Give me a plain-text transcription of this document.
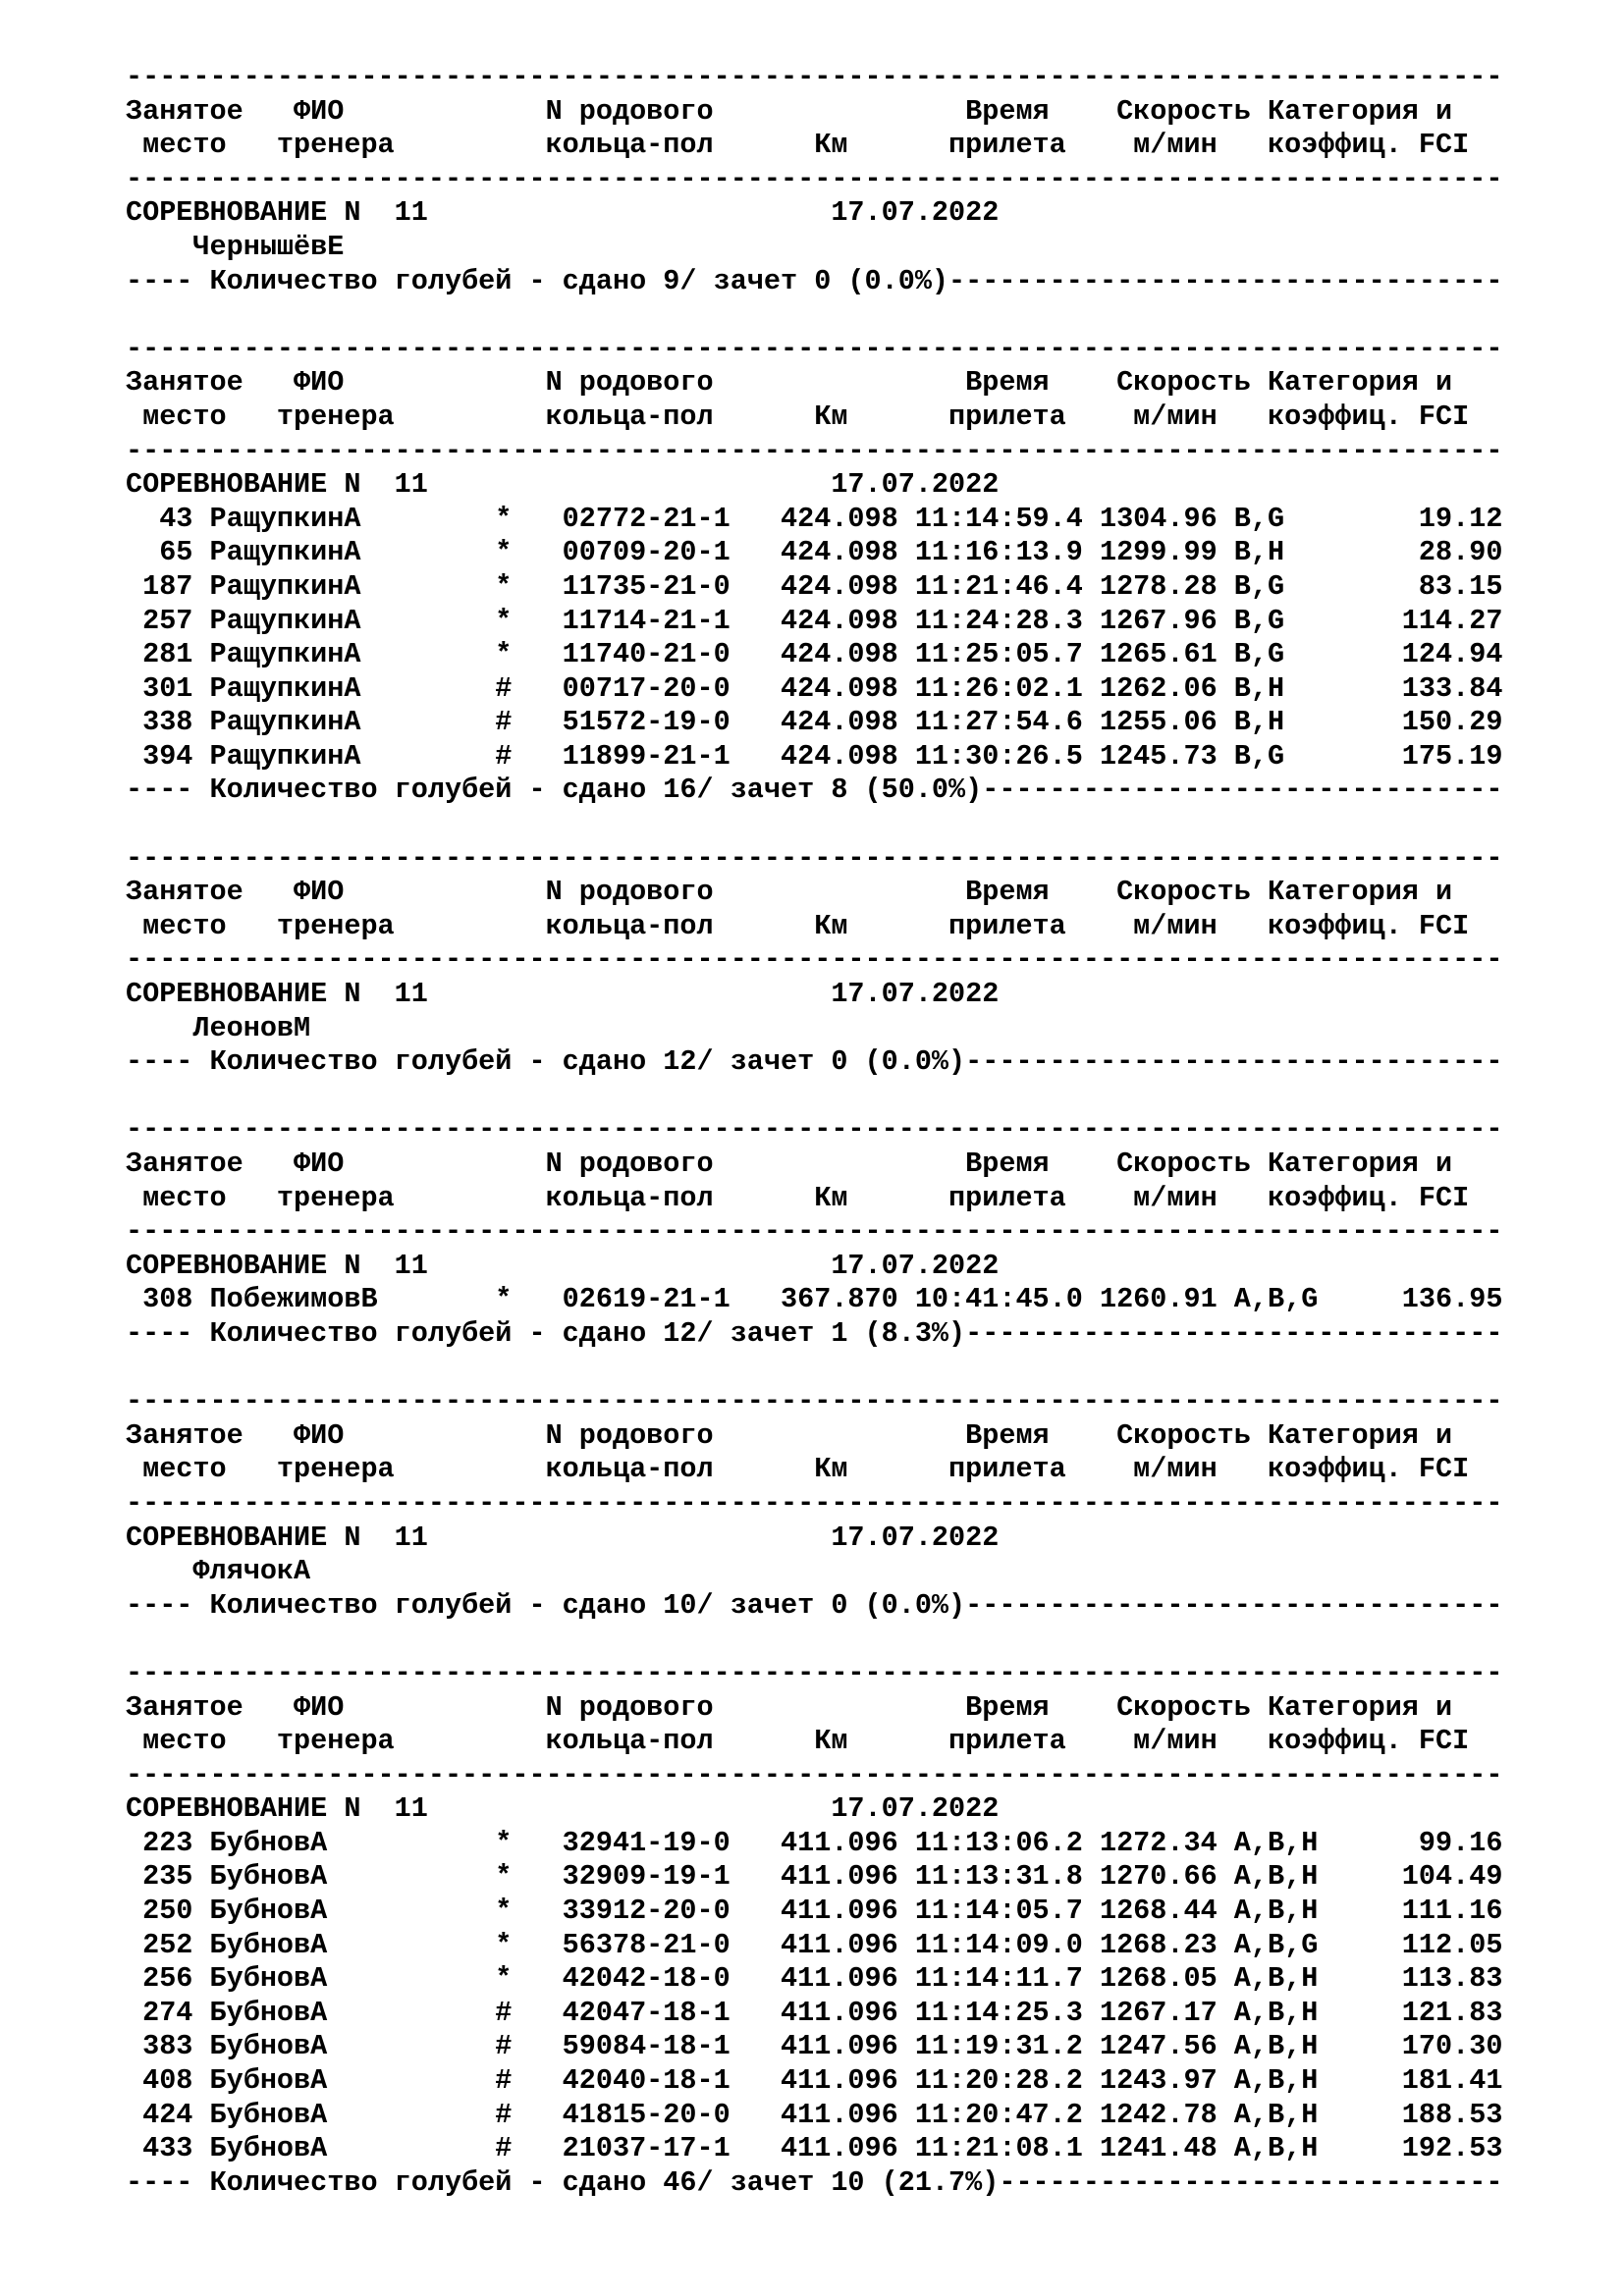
----------------------------------------------------------------------------------
Занятое   ФИО            N родового               Время    Скорость Категория и
место   тренера         кольца-пол      Км      прилета    м/мин   коэффиц. FCI
----------------------------------------------------------------------------------
СОРЕВНОВАНИЕ N  11                        17.07.2022
ЧернышёвЕ
---- Количество голубей - сдано 9/ зачет 0 (0.0%)---------------------------------

----------------------------------------------------------------------------------
Занятое   ФИО            N родового               Время    Скорость Категория и
место   тренера         кольца-пол      Км      прилета    м/мин   коэффиц. FCI
----------------------------------------------------------------------------------
СОРЕВНОВАНИЕ N  11                        17.07.2022
43 РащупкинА        *   02772-21-1   424.098 11:14:59.4 1304.96 B,G        19.12
65 РащупкинА        *   00709-20-1   424.098 11:16:13.9 1299.99 B,H        28.90
187 РащупкинА        *   11735-21-0   424.098 11:21:46.4 1278.28 B,G        83.15
257 РащупкинА        *   11714-21-1   424.098 11:24:28.3 1267.96 B,G       114.27
281 РащупкинА        *   11740-21-0   424.098 11:25:05.7 1265.61 B,G       124.94
301 РащупкинА        #   00717-20-0   424.098 11:26:02.1 1262.06 B,H       133.84
338 РащупкинА        #   51572-19-0   424.098 11:27:54.6 1255.06 B,H       150.29
394 РащупкинА        #   11899-21-1   424.098 11:30:26.5 1245.73 B,G       175.19
---- Количество голубей - сдано 16/ зачет 8 (50.0%)-------------------------------

----------------------------------------------------------------------------------
Занятое   ФИО            N родового               Время    Скорость Категория и
место   тренера         кольца-пол      Км      прилета    м/мин   коэффиц. FCI
----------------------------------------------------------------------------------
СОРЕВНОВАНИЕ N  11                        17.07.2022
ЛеоновМ
---- Количество голубей - сдано 12/ зачет 0 (0.0%)--------------------------------

----------------------------------------------------------------------------------
Занятое   ФИО            N родового               Время    Скорость Категория и
место   тренера         кольца-пол      Км      прилета    м/мин   коэффиц. FCI
----------------------------------------------------------------------------------
СОРЕВНОВАНИЕ N  11                        17.07.2022
308 ПобежимовВ       *   02619-21-1   367.870 10:41:45.0 1260.91 A,B,G     136.95
---- Количество голубей - сдано 12/ зачет 1 (8.3%)--------------------------------

----------------------------------------------------------------------------------
Занятое   ФИО            N родового               Время    Скорость Категория и
место   тренера         кольца-пол      Км      прилета    м/мин   коэффиц. FCI
----------------------------------------------------------------------------------
СОРЕВНОВАНИЕ N  11                        17.07.2022
ФлячокА
---- Количество голубей - сдано 10/ зачет 0 (0.0%)--------------------------------

----------------------------------------------------------------------------------
Занятое   ФИО            N родового               Время    Скорость Категория и
место   тренера         кольца-пол      Км      прилета    м/мин   коэффиц. FCI
----------------------------------------------------------------------------------
СОРЕВНОВАНИЕ N  11                        17.07.2022
223 БубновА          *   32941-19-0   411.096 11:13:06.2 1272.34 A,B,H      99.16
235 БубновА          *   32909-19-1   411.096 11:13:31.8 1270.66 A,B,H     104.49
250 БубновА          *   33912-20-0   411.096 11:14:05.7 1268.44 A,B,H     111.16
252 БубновА          *   56378-21-0   411.096 11:14:09.0 1268.23 A,B,G     112.05
256 БубновА          *   42042-18-0   411.096 11:14:11.7 1268.05 A,B,H     113.83
274 БубновА          #   42047-18-1   411.096 11:14:25.3 1267.17 A,B,H     121.83
383 БубновА          #   59084-18-1   411.096 11:19:31.2 1247.56 A,B,H     170.30
408 БубновА          #   42040-18-1   411.096 11:20:28.2 1243.97 A,B,H     181.41
424 БубновА          #   41815-20-0   411.096 11:20:47.2 1242.78 A,B,H     188.53
433 БубновА          #   21037-17-1   411.096 11:21:08.1 1241.48 A,B,H     192.53
---- Количество голубей - сдано 46/ зачет 10 (21.7%)------------------------------
